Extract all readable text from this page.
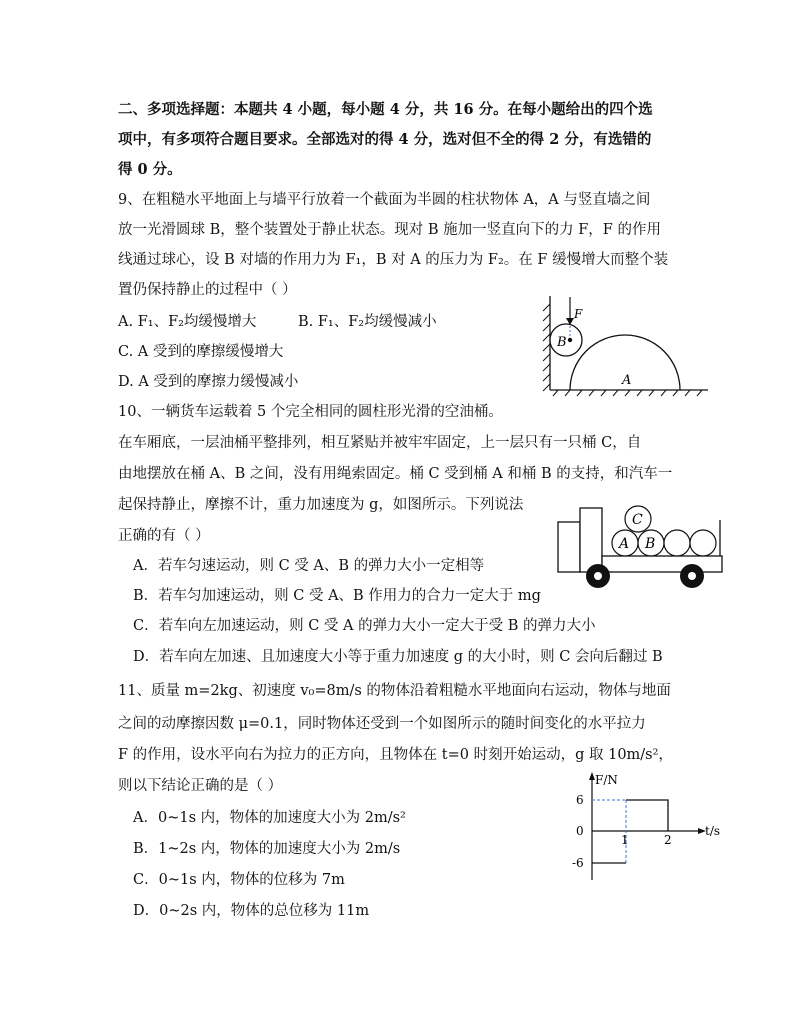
二、多项选择题：本题共 4 小题，每小题 4 分，共 16 分。在每小题给出的四个选
项中，有多项符合题目要求。全部选对的得 4 分，选对但不全的得 2 分，有选错的
得 0 分。
9、在粗糙水平地面上与墙平行放着一个截面为半圆的柱状物体 A，A 与竖直墙之间
放一光滑圆球 B，整个装置处于静止状态。现对 B 施加一竖直向下的力 F，F 的作用
线通过球心，设 B 对墙的作用力为 F₁，B 对 A 的压力为 F₂。在 F 缓慢增大而整个装
置仍保持静止的过程中（ ）
A. F₁、F₂均缓慢增大	B. F₁、F₂均缓慢减小
C. A 受到的摩擦缓慢增大
D. A 受到的摩擦力缓慢减小
F
B
A
10、一辆货车运载着 5 个完全相同的圆柱形光滑的空油桶。
在车厢底，一层油桶平整排列，相互紧贴并被牢牢固定，上一层只有一只桶 C，自
由地摆放在桶 A、B 之间，没有用绳索固定。桶 C 受到桶 A 和桶 B 的支持，和汽车一
起保持静止，摩擦不计，重力加速度为 g，如图所示。下列说法
正确的有（ ）
A．若车匀速运动，则 C 受 A、B 的弹力大小一定相等
B．若车匀加速运动，则 C 受 A、B 作用力的合力一定大于 mg
C．若车向左加速运动，则 C 受 A 的弹力大小一定大于受 B 的弹力大小
D．若车向左加速、且加速度大小等于重力加速度 g 的大小时，则 C 会向后翻过 B
A B
C
11、质量 m=2kg、初速度 v₀=8m/s 的物体沿着粗糙水平地面向右运动，物体与地面
之间的动摩擦因数 μ=0.1，同时物体还受到一个如图所示的随时间变化的水平拉力
F 的作用，设水平向右为拉力的正方向，且物体在 t=0 时刻开始运动，g 取 10m/s²，
则以下结论正确的是（ ）
A．0~1s 内，物体的加速度大小为 2m/s²
B．1~2s 内，物体的加速度大小为 2m/s
C．0~1s 内，物体的位移为 7m
D．0~2s 内，物体的总位移为 11m
F/N
t/s
6
0
-6
1	2
